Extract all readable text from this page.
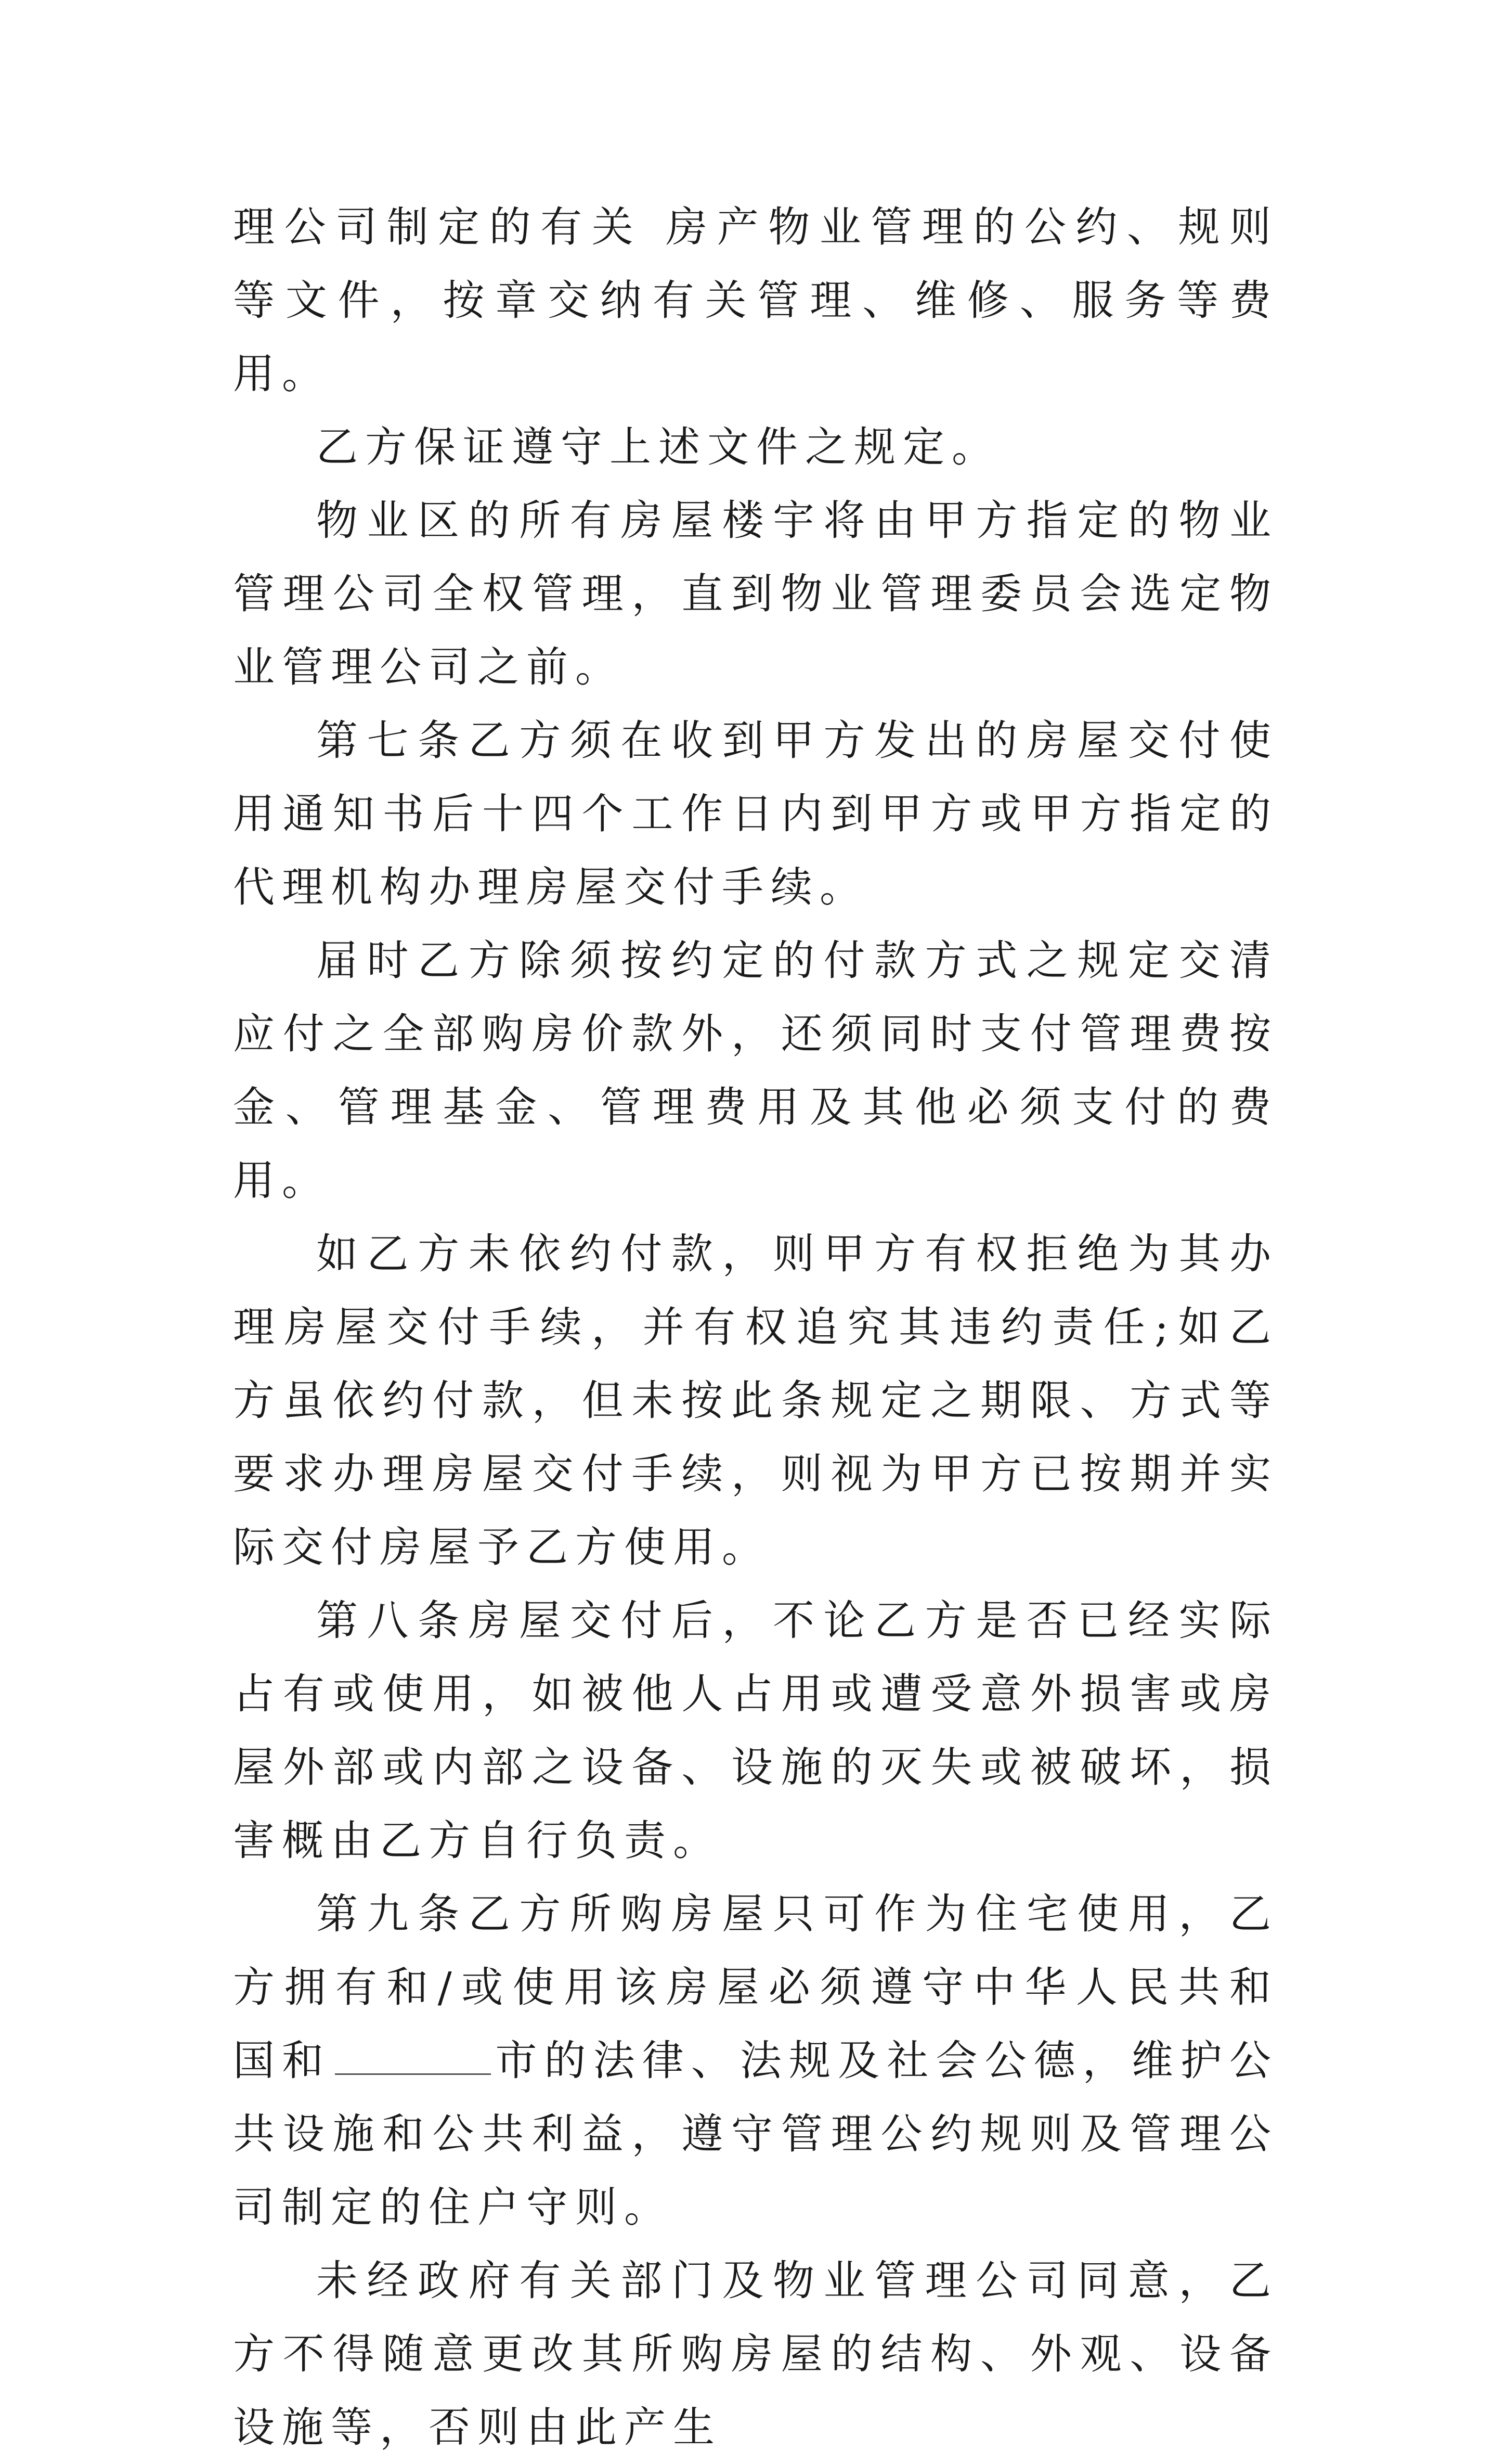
理公司制定的有关 房产物业管理的公约、规则等文件，按章交纳有关管理、维修、服务等费用。

乙方保证遵守上述文件之规定。

物业区的所有房屋楼宇将由甲方指定的物业管理公司全权管理，直到物业管理委员会选定物业管理公司之前。

第七条乙方须在收到甲方发出的房屋交付使用通知书后十四个工作日内到甲方或甲方指定的代理机构办理房屋交付手续。

届时乙方除须按约定的付款方式之规定交清应付之全部购房价款外，还须同时支付管理费按金、管理基金、管理费用及其他必须支付的费用。

如乙方未依约付款，则甲方有权拒绝为其办理房屋交付手续，并有权追究其违约责任;如乙方虽依约付款，但未按此条规定之期限、方式等要求办理房屋交付手续，则视为甲方已按期并实际交付房屋予乙方使用。

第八条房屋交付后，不论乙方是否已经实际占有或使用，如被他人占用或遭受意外损害或房屋外部或内部之设备、设施的灭失或被破坏，损害概由乙方自行负责。

第九条乙方所购房屋只可作为住宅使用，乙方拥有和/或使用该房屋必须遵守中华人民共和国和	市的法律、法规及社会公德，维护公共设施和公共利益，遵守管理公约规则及管理公司制定的住户守则。

未经政府有关部门及物业管理公司同意，乙方不得随意更改其所购房屋的结构、外观、设备设施等，否则由此产生
